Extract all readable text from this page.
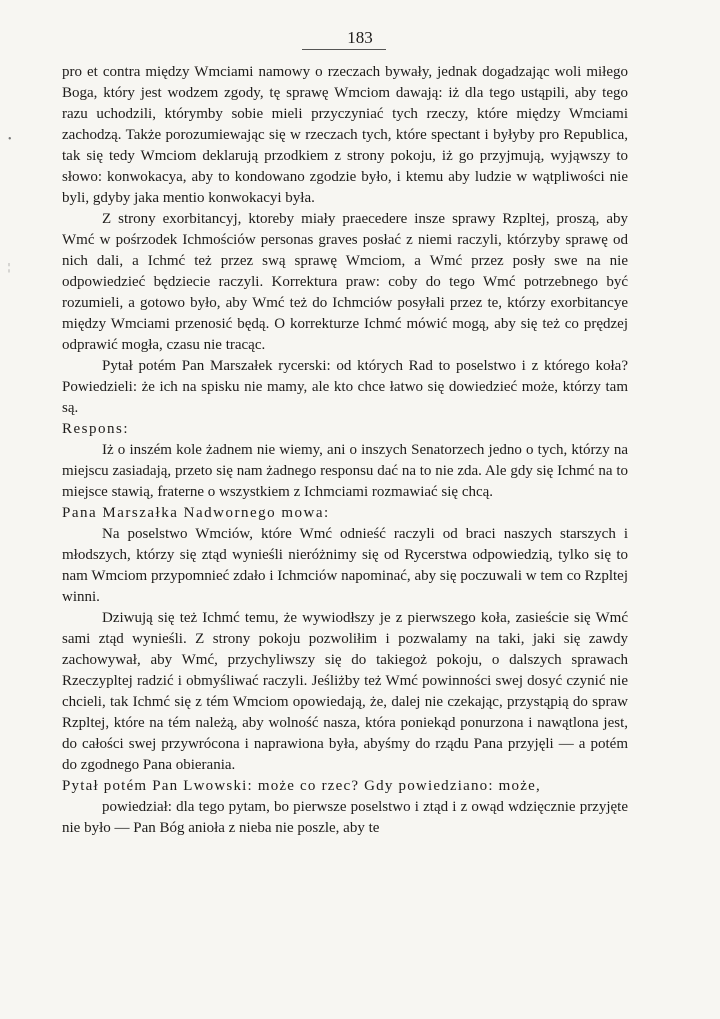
183
•
¦

pro et contra między Wmciami namowy o rzeczach bywały, jednak dogadzając woli miłego Boga, który jest wodzem zgody, tę sprawę Wmciom dawają: iż dla tego ustąpili, aby tego razu uchodzili, którymby sobie mieli przyczyniać tych rzeczy, które między Wmciami zachodzą. Także porozumiewając się w rzeczach tych, które spectant i byłyby pro Republica, tak się tedy Wmciom deklarują przodkiem z strony pokoju, iż go przyjmują, wyjąwszy to słowo: konwokacya, aby to kondowano zgodzie było, i ktemu aby ludzie w wątpliwości nie byli, gdyby jaka mentio konwokacyi była.

Z strony exorbitancyj, ktoreby miały praecedere insze sprawy Rzpltej, proszą, aby Wmć w pośrzodek Ichmościów personas graves posłać z niemi raczyli, którzyby sprawę od nich dali, a Ichmć też przez swą sprawę Wmciom, a Wmć przez posły swe na nie odpowiedzieć będziecie raczyli. Korrektura praw: coby do tego Wmć potrzebnego być rozumieli, a gotowo było, aby Wmć też do Ichmciów posyłali przez te, którzy exorbitancye między Wmciami przenosić będą. O korrekturze Ichmć mówić mogą, aby się też co prędzej odprawić mogła, czasu nie tracąc.

Pytał potém Pan Marszałek rycerski: od których Rad to poselstwo i z którego koła? Powiedzieli: że ich na spisku nie mamy, ale kto chce łatwo się dowiedzieć może, którzy tam są.

Respons:

Iż o inszém kole żadnem nie wiemy, ani o inszych Senatorzech jedno o tych, którzy na miejscu zasiadają, przeto się nam żadnego responsu dać na to nie zda. Ale gdy się Ichmć na to miejsce stawią, fraterne o wszystkiem z Ichmciami rozmawiać się chcą.

Pana Marszałka Nadwornego mowa:

Na poselstwo Wmciów, które Wmć odnieść raczyli od braci naszych starszych i młodszych, którzy się ztąd wynieśli nieróżnimy się od Rycerstwa odpowiedzią, tylko się to nam Wmciom przypomnieć zdało i Ichmciów napominać, aby się poczuwali w tem co Rzpltej winni.

Dziwują się też Ichmć temu, że wywiodłszy je z pierwszego koła, zasieście się Wmć sami ztąd wynieśli. Z strony pokoju pozwoliłim i pozwalamy na taki, jaki się zawdy zachowywał, aby Wmć, przychyliwszy się do takiegoż pokoju, o dalszych sprawach Rzeczypltej radzić i obmyśliwać raczyli. Jeśliżby też Wmć powinności swej dosyć czynić nie chcieli, tak Ichmć się z tém Wmciom opowiedają, że, dalej nie czekając, przystąpią do spraw Rzpltej, które na tém należą, aby wolność nasza, która poniekąd ponurzona i nawątlona jest, do całości swej przywrócona i naprawiona była, abyśmy do rządu Pana przyjęli — a potém do zgodnego Pana obierania.

Pytał potém Pan Lwowski: może co rzec? Gdy powiedziano: może,

powiedział: dla tego pytam, bo pierwsze poselstwo i ztąd i z owąd wdzięcznie przyjęte nie było — Pan Bóg anioła z nieba nie poszle, aby te
